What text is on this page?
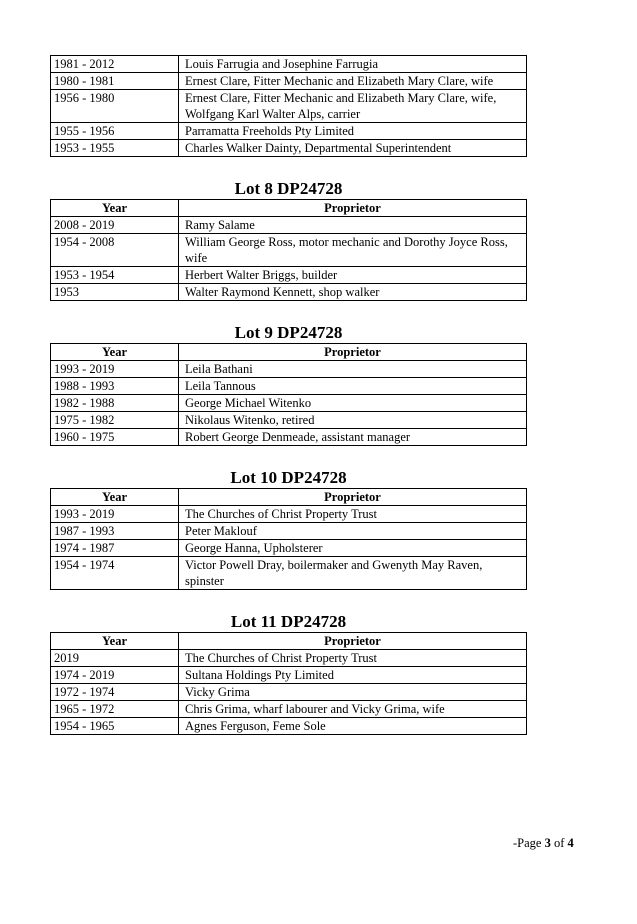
1981 - 2012	Louis Farrugia and Josephine Farrugia
1980 - 1981	Ernest Clare, Fitter Mechanic and Elizabeth Mary Clare, wife
1956 - 1980	Ernest Clare, Fitter Mechanic and Elizabeth Mary Clare, wife, Wolfgang Karl Walter Alps, carrier
1955 - 1956	Parramatta Freeholds Pty Limited
1953 - 1955	Charles Walker Dainty, Departmental Superintendent
Lot 8 DP24728
Year	Proprietor
2008 - 2019	Ramy Salame
1954 - 2008	William George Ross, motor mechanic and Dorothy Joyce Ross, wife
1953 - 1954	Herbert Walter Briggs, builder
1953	Walter Raymond Kennett, shop walker
Lot 9 DP24728
Year	Proprietor
1993 - 2019	Leila Bathani
1988 - 1993	Leila Tannous
1982 - 1988	George Michael Witenko
1975 - 1982	Nikolaus Witenko, retired
1960 - 1975	Robert George Denmeade, assistant manager
Lot 10 DP24728
Year	Proprietor
1993 - 2019	The Churches of Christ Property Trust
1987 - 1993	Peter Maklouf
1974 - 1987	George Hanna, Upholsterer
1954 - 1974	Victor Powell Dray, boilermaker and Gwenyth May Raven, spinster
Lot 11 DP24728
Year	Proprietor
2019	The Churches of Christ Property Trust
1974 - 2019	Sultana Holdings Pty Limited
1972 - 1974	Vicky Grima
1965 - 1972	Chris Grima, wharf labourer and Vicky Grima, wife
1954 - 1965	Agnes Ferguson, Feme Sole
-Page 3 of 4
